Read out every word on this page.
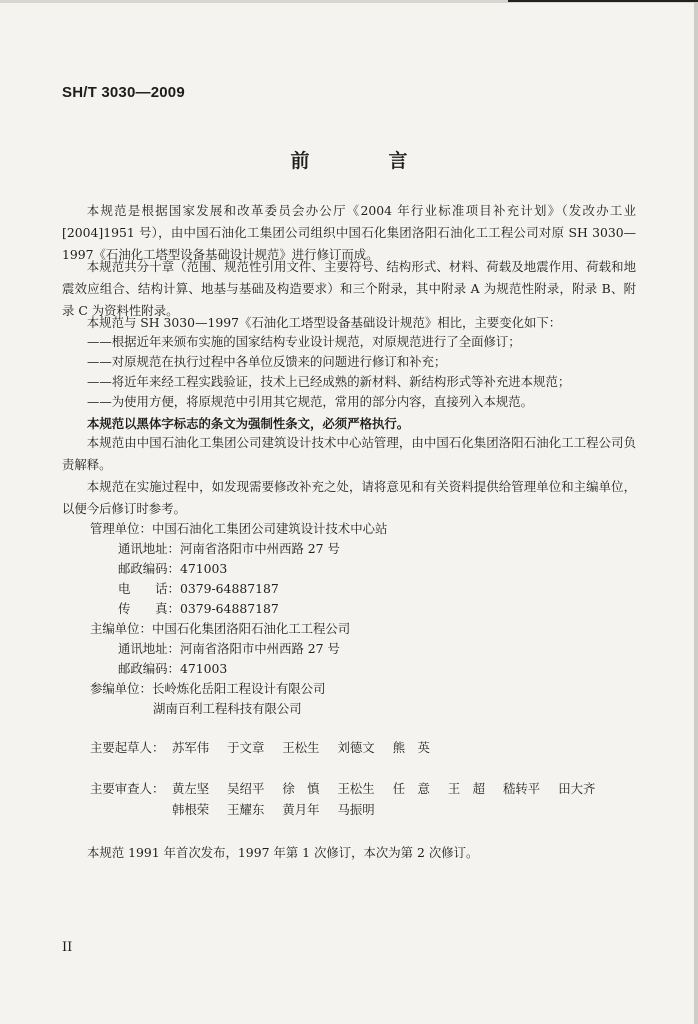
SH/T 3030—2009
前　言
本规范是根据国家发展和改革委员会办公厅《2004 年行业标准项目补充计划》（发改办工业[2004]1951 号），由中国石油化工集团公司组织中国石化集团洛阳石油化工工程公司对原 SH 3030—1997《石油化工塔型设备基础设计规范》进行修订而成。
本规范共分十章（范围、规范性引用文件、主要符号、结构形式、材料、荷载及地震作用、荷载和地震效应组合、结构计算、地基与基础及构造要求）和三个附录，其中附录 A 为规范性附录，附录 B、附录 C 为资料性附录。
本规范与 SH 3030—1997《石油化工塔型设备基础设计规范》相比，主要变化如下：
——根据近年来颁布实施的国家结构专业设计规范，对原规范进行了全面修订；
——对原规范在执行过程中各单位反馈来的问题进行修订和补充；
——将近年来经工程实践验证，技术上已经成熟的新材料、新结构形式等补充进本规范；
——为使用方便，将原规范中引用其它规范，常用的部分内容，直接列入本规范。
本规范以黑体字标志的条文为强制性条文，必须严格执行。
本规范由中国石油化工集团公司建筑设计技术中心站管理，由中国石化集团洛阳石油化工工程公司负责解释。
本规范在实施过程中，如发现需要修改补充之处，请将意见和有关资料提供给管理单位和主编单位，以便今后修订时参考。
管理单位：中国石油化工集团公司建筑设计技术中心站
通讯地址：河南省洛阳市中州西路 27 号
邮政编码：471003
电　　话：0379-64887187
传　　真：0379-64887187
主编单位：中国石化集团洛阳石油化工工程公司
通讯地址：河南省洛阳市中州西路 27 号
邮政编码：471003
参编单位：长岭炼化岳阳工程设计有限公司
湖南百利工程科技有限公司
主要起草人： 苏军伟 于文章 王松生 刘德文 熊　英
主要审查人： 黄左坚 吴绍平 徐　慎 王松生 任　意 王　超 嵇转平 田大齐
韩根荣 王耀东 黄月年 马振明
本规范 1991 年首次发布，1997 年第 1 次修订，本次为第 2 次修订。
II
